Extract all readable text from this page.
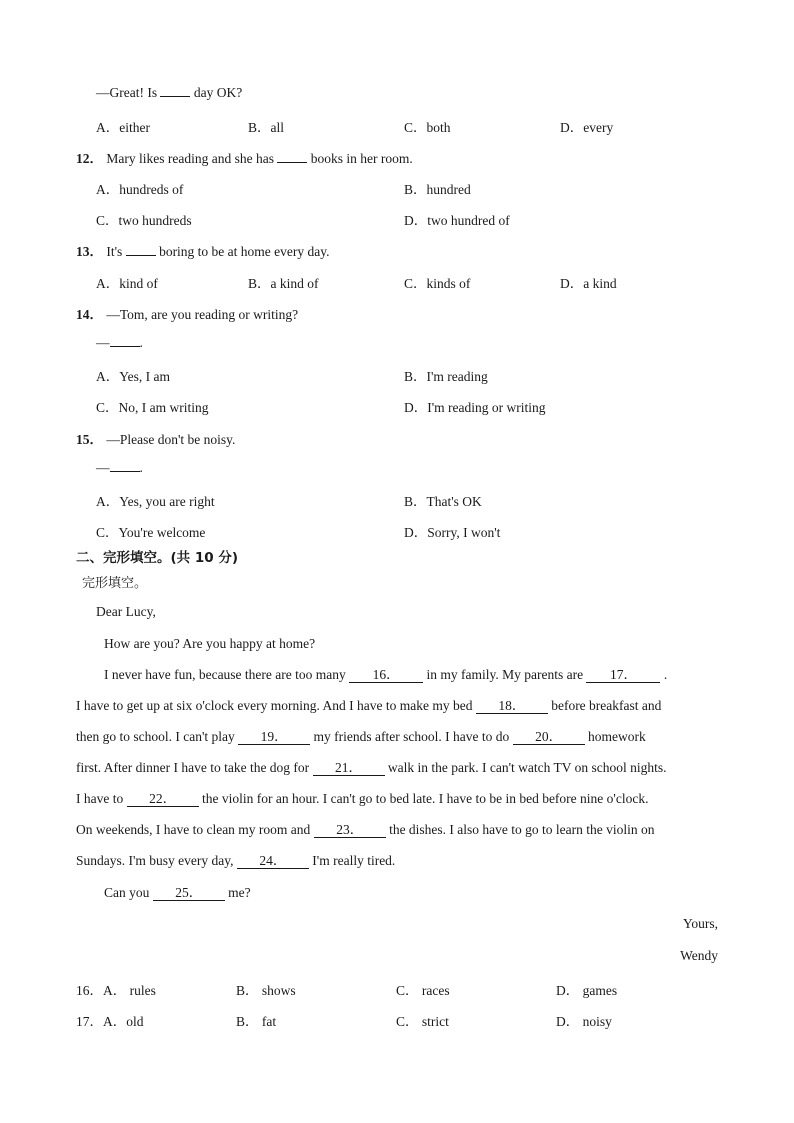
—Great! Is  day OK?
A．either	B．all	C．both	D．every
12． Mary likes reading and she has  books in her room.
A．hundreds of	B．hundred
C．two hundreds	D．two hundred of
13． It's  boring to be at home every day.
A．kind of	B．a kind of	C．kinds of	D．a kind
14． —Tom, are you reading or writing?
— .
A．Yes, I am	B．I'm reading
C．No, I am writing	D．I'm reading or writing
15． —Please don't be noisy.
— .
A．Yes, you are right	B．That's OK
C．You're welcome	D．Sorry, I won't
二、完形填空。(共 10 分)
完形填空。
Dear Lucy,
How are you? Are you happy at home?
I never have fun, because there are too many 16． in my family. My parents are 17． .
I have to get up at six o'clock every morning. And I have to make my bed 18． before breakfast and
then go to school. I can't play 19． my friends after school. I have to do 20． homework
first. After dinner I have to take the dog for 21． walk in the park. I can't watch TV on school nights.
I have to 22． the violin for an hour. I can't go to bed late. I have to be in bed before nine o'clock.
On weekends, I have to clean my room and 23． the dishes. I also have to go to learn the violin on
Sundays. I'm busy every day, 24． I'm really tired.
Can you 25． me?
Yours,
Wendy
16．A． rules	B． shows	C． races	D． games
17．A．old	B． fat	C． strict	D． noisy
